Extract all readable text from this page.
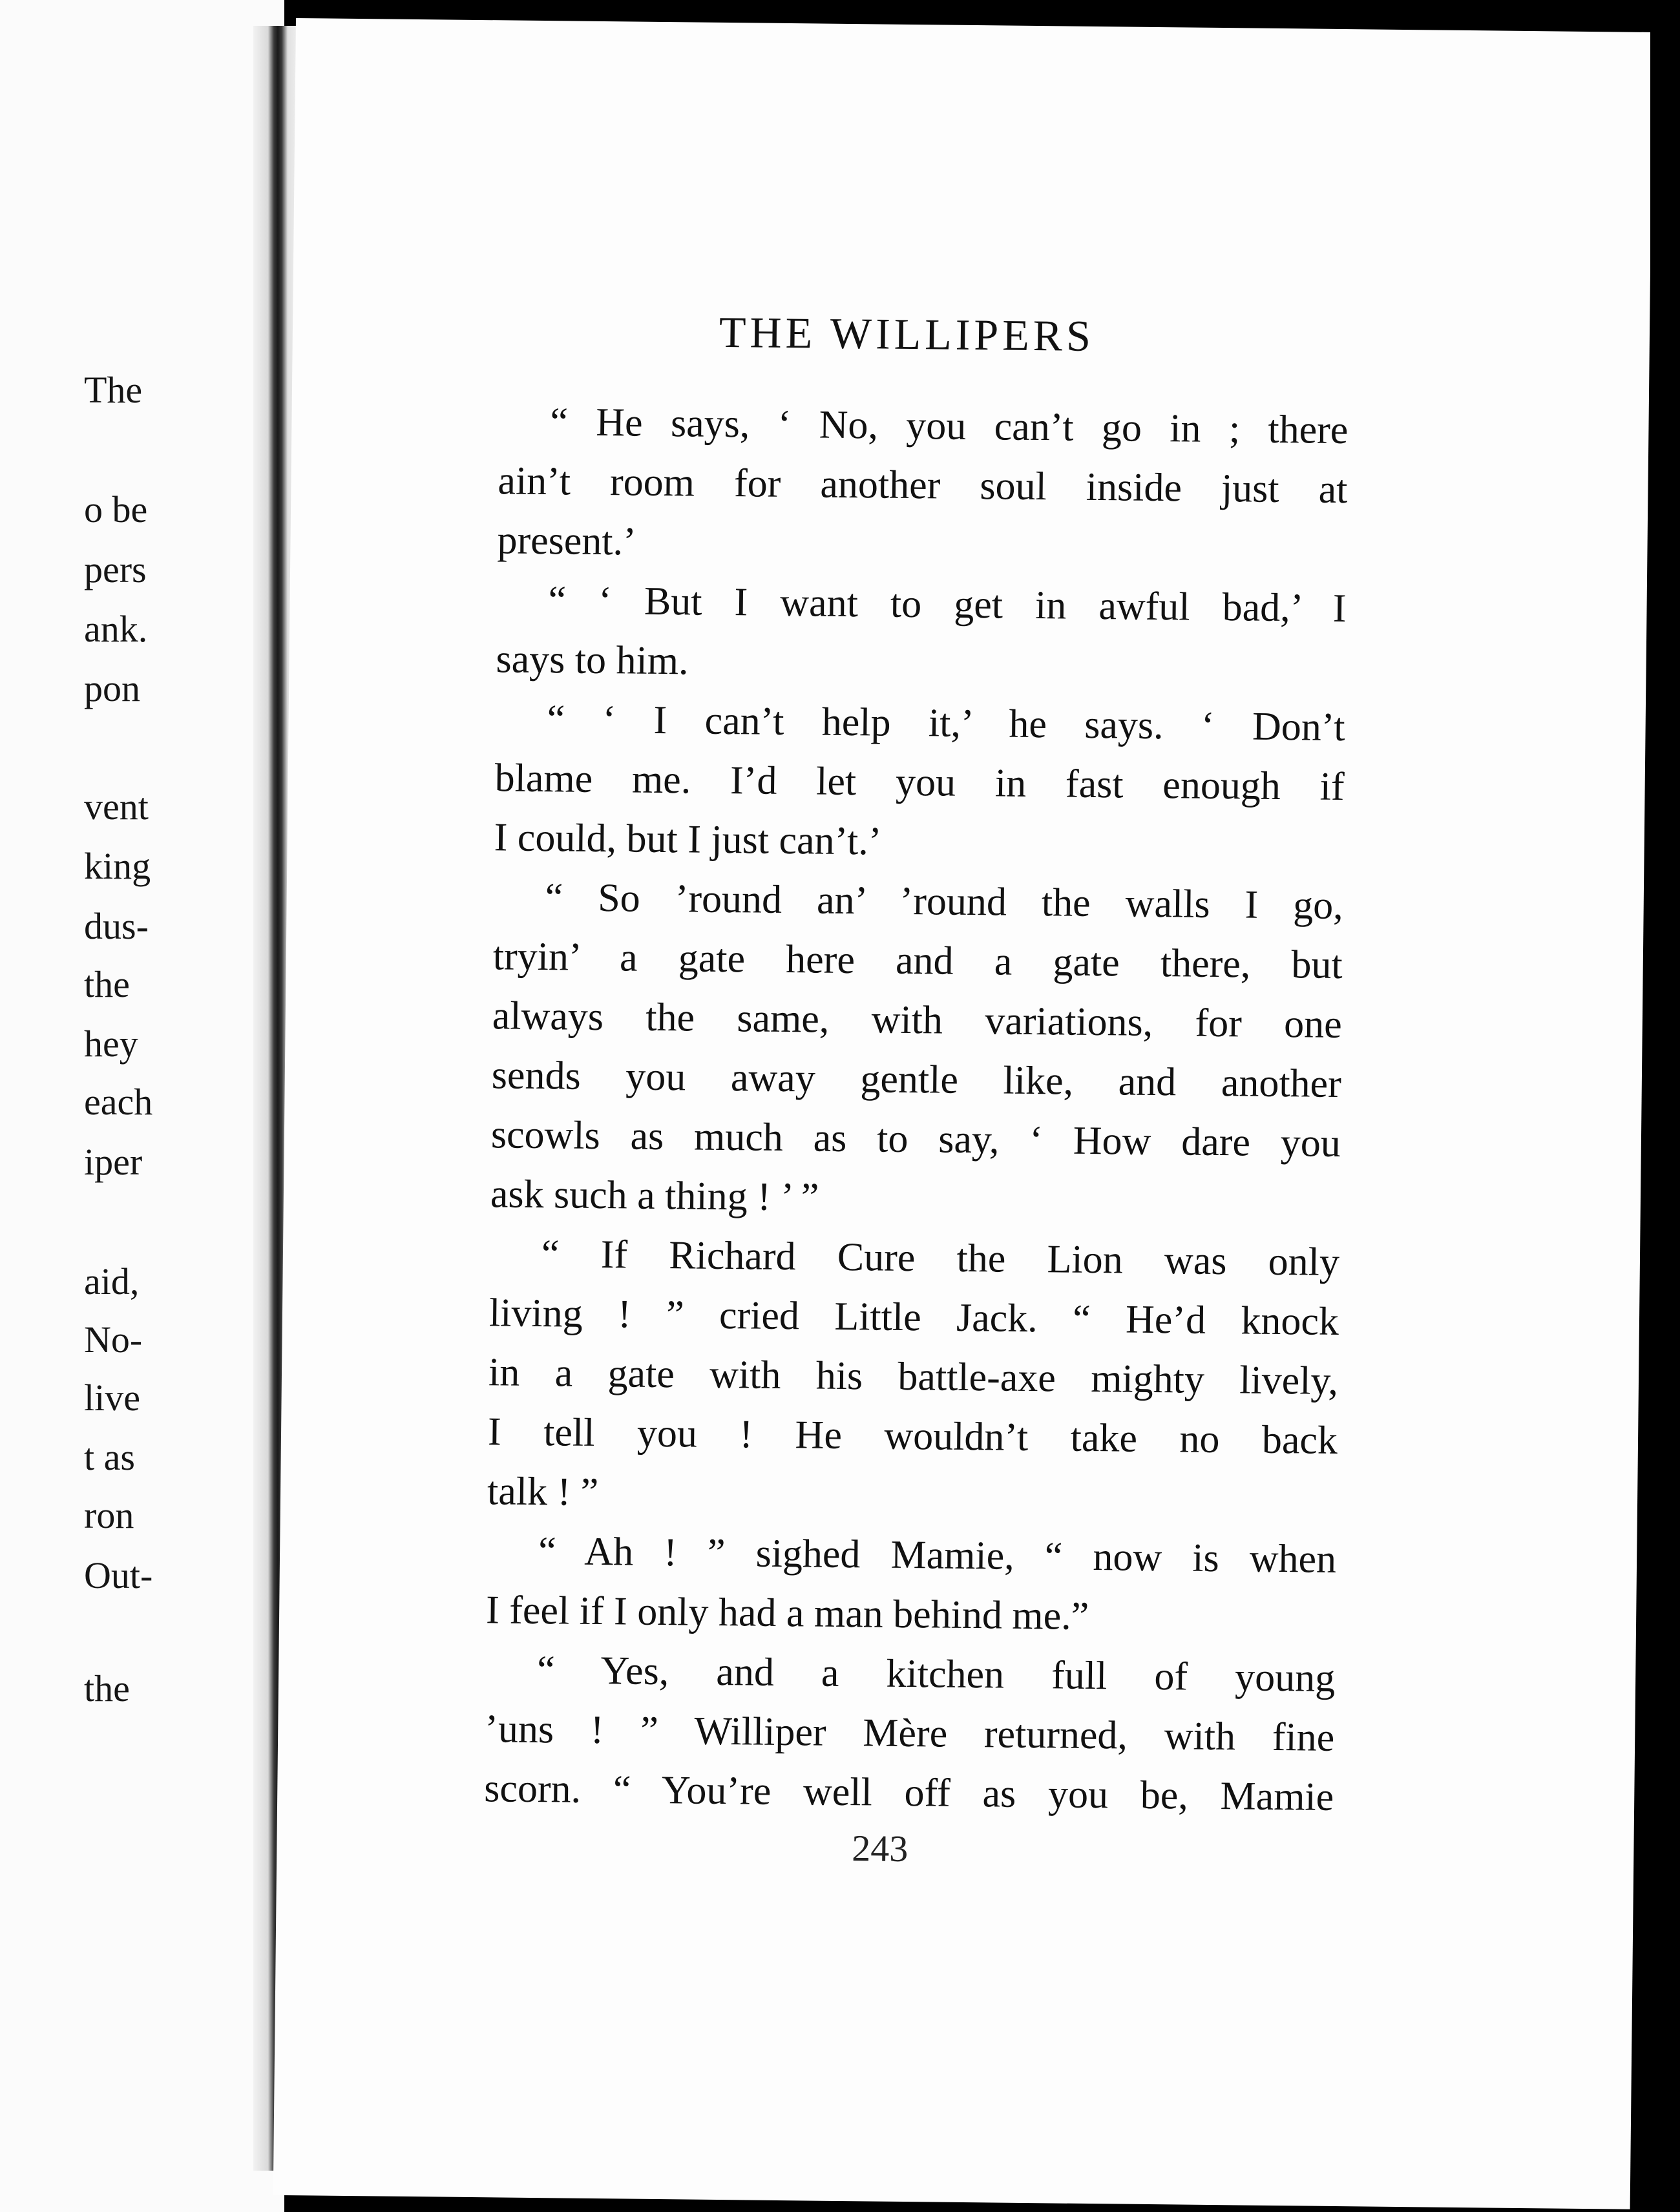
The
o be
pers
ank.
pon
vent
king
dus-
the
hey
each
iper
aid,
No-
live
t as
ron
Out-
the
THE WILLIPERS
“ He says, ‘ No, you can’t go in ; there
ain’t room for another soul inside just at
present.’
“ ‘ But I want to get in awful bad,’ I
says to him.
“ ‘ I can’t help it,’ he says. ‘ Don’t
blame me. I’d let you in fast enough if
I could, but I just can’t.’
“ So ’round an’ ’round the walls I go,
tryin’ a gate here and a gate there, but
always the same, with variations, for one
sends you away gentle like, and another
scowls as much as to say, ‘ How dare you
ask such a thing ! ’ ”
“ If Richard Cure the Lion was only
living ! ” cried Little Jack. “ He’d knock
in a gate with his battle-axe mighty lively,
I tell you ! He wouldn’t take no back
talk ! ”
“ Ah ! ” sighed Mamie, “ now is when
I feel if I only had a man behind me.”
“ Yes, and a kitchen full of young
’uns ! ” Williper Mère returned, with fine
scorn. “ You’re well off as you be, Mamie
243
